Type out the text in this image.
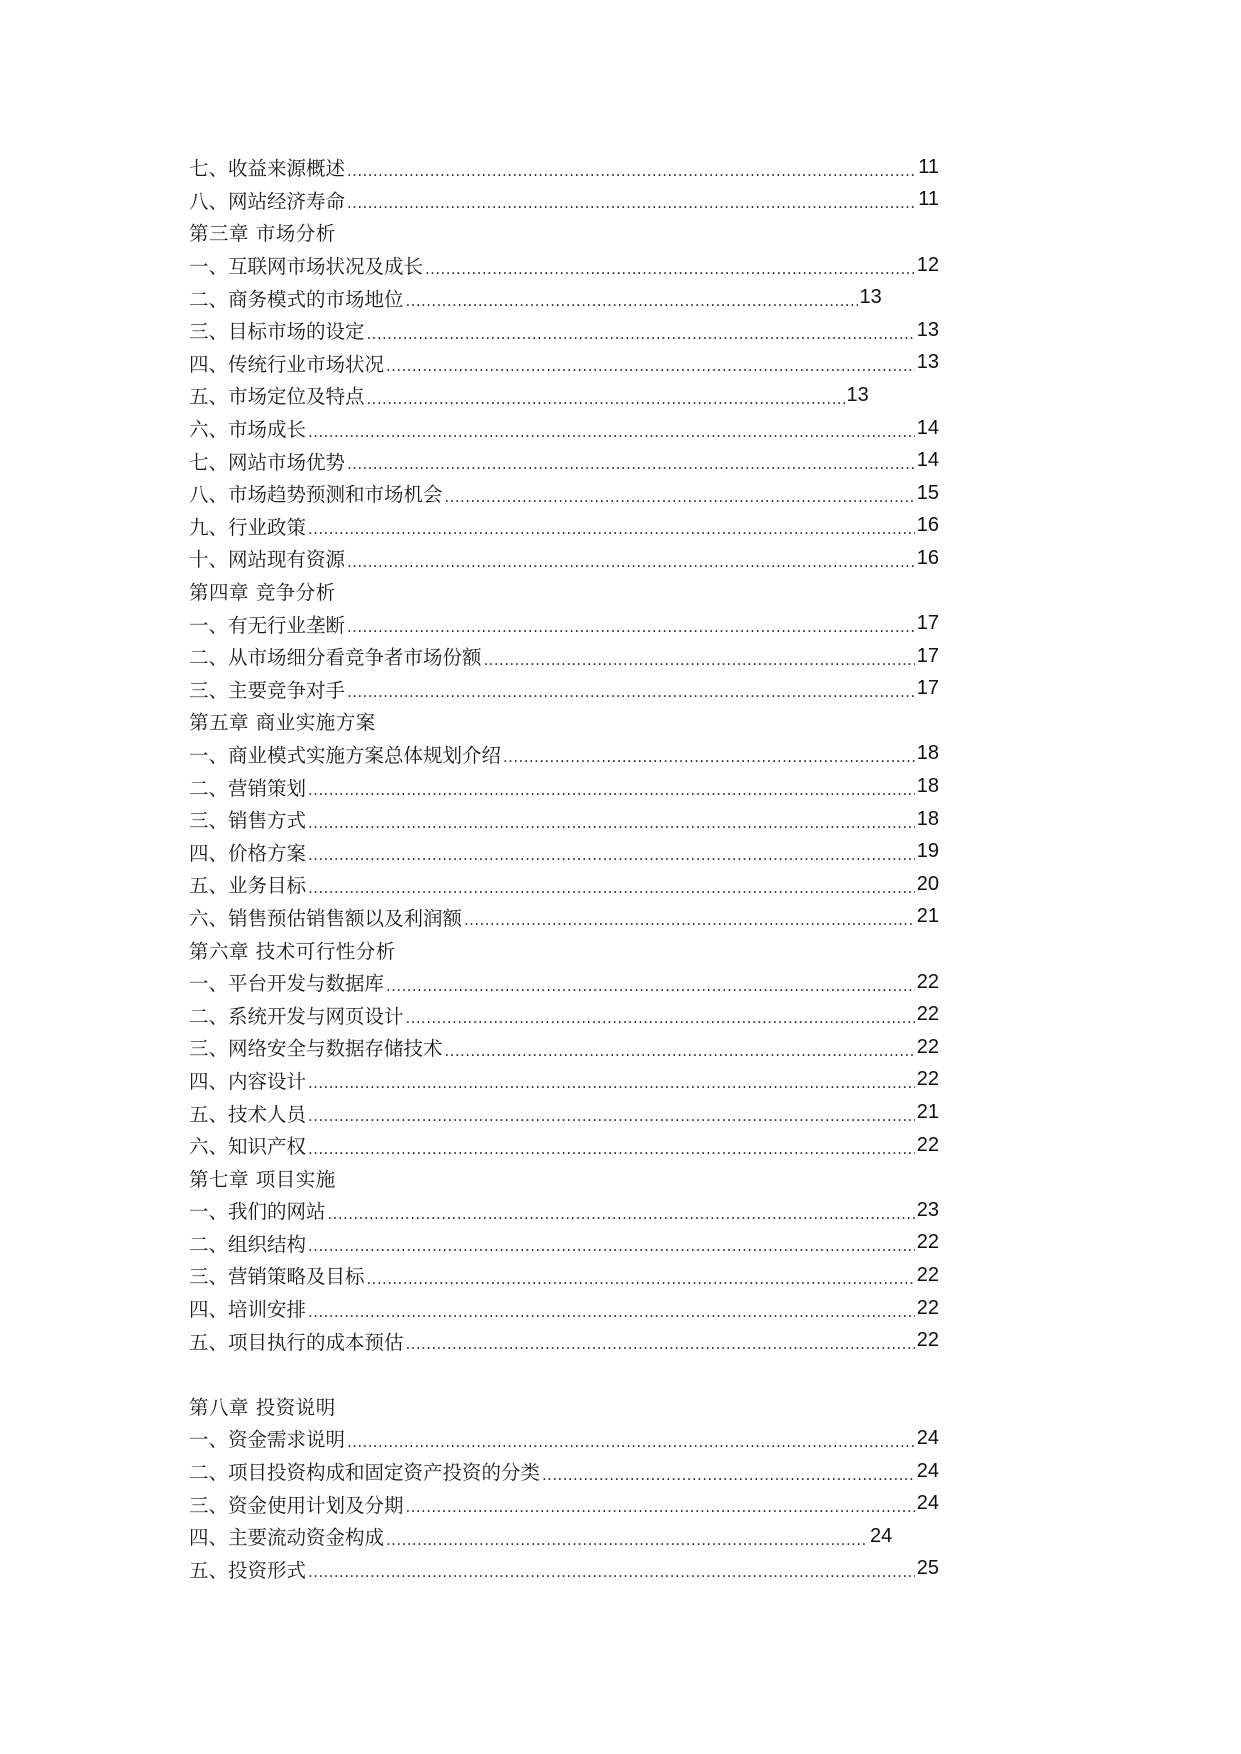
七、收益来源概述 .....	11
八、网站经济寿命 .....	11
第三章 市场分析
一、互联网市场状况及成长 .....	12
二、商务模式的市场地位 .....	13
三、目标市场的设定 .....	13
四、传统行业市场状况 .....	13
五、市场定位及特点 .....	13
六、市场成长 .....	14
七、网站市场优势 .....	14
八、市场趋势预测和市场机会 .....	15
九、行业政策 .....	16
十、网站现有资源 .....	16
第四章 竞争分析
一、有无行业垄断 .....	17
二、从市场细分看竞争者市场份额 .....	17
三、主要竞争对手 .....	17
第五章 商业实施方案
一、商业模式实施方案总体规划介绍 .....	18
二、营销策划 .....	18
三、销售方式 .....	18
四、价格方案 .....	19
五、业务目标 .....	20
六、销售预估销售额以及利润额 .....	21
第六章 技术可行性分析
一、平台开发与数据库 .....	22
二、系统开发与网页设计 .....	22
三、网络安全与数据存储技术 .....	22
四、内容设计 .....	22
五、技术人员 .....	21
六、知识产权 .....	22
第七章 项目实施
一、我们的网站 .....	23
二、组织结构 .....	22
三、营销策略及目标 .....	22
四、培训安排 .....	22
五、项目执行的成本预估 .....	22
第八章 投资说明
一、资金需求说明 .....	24
二、项目投资构成和固定资产投资的分类 .....	24
三、资金使用计划及分期 .....	24
四、主要流动资金构成 .....	24
五、投资形式 .....	25
